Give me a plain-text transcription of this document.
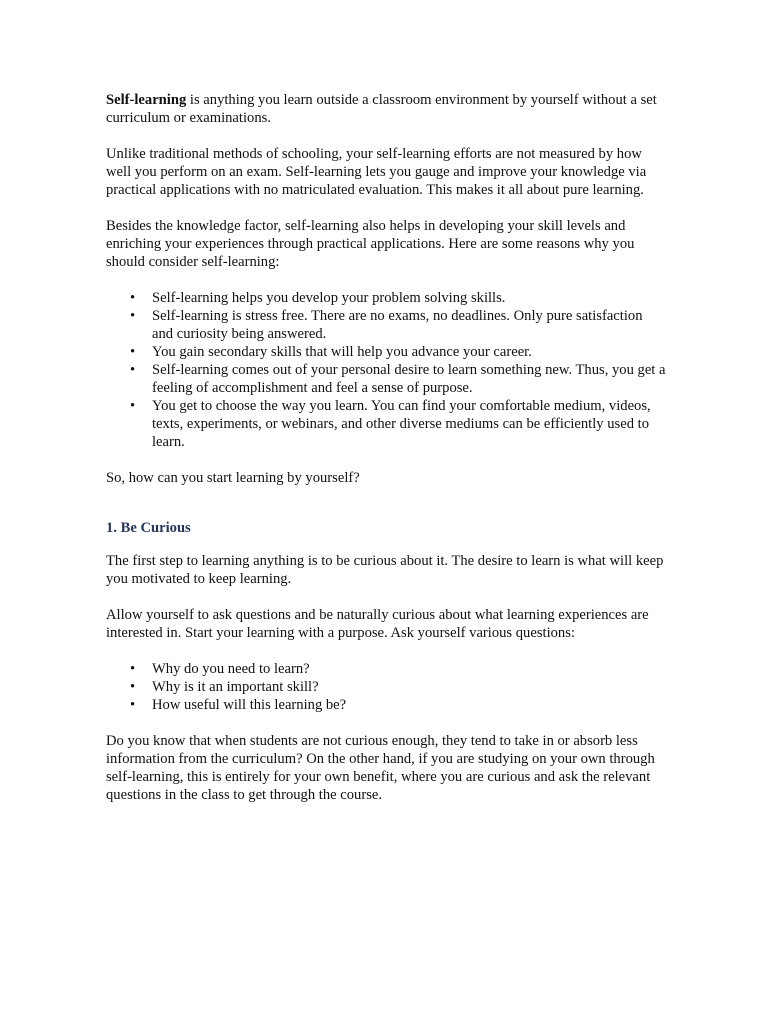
Self-learning is anything you learn outside a classroom environment by yourself without a set curriculum or examinations.

Unlike traditional methods of schooling, your self-learning efforts are not measured by how well you perform on an exam. Self-learning lets you gauge and improve your knowledge via practical applications with no matriculated evaluation. This makes it all about pure learning.

Besides the knowledge factor, self-learning also helps in developing your skill levels and enriching your experiences through practical applications. Here are some reasons why you should consider self-learning:

• Self-learning helps you develop your problem solving skills.
• Self-learning is stress free. There are no exams, no deadlines. Only pure satisfaction and curiosity being answered.
• You gain secondary skills that will help you advance your career.
• Self-learning comes out of your personal desire to learn something new. Thus, you get a feeling of accomplishment and feel a sense of purpose.
• You get to choose the way you learn. You can find your comfortable medium, videos, texts, experiments, or webinars, and other diverse mediums can be efficiently used to learn.

So, how can you start learning by yourself?

1. Be Curious

The first step to learning anything is to be curious about it. The desire to learn is what will keep you motivated to keep learning.

Allow yourself to ask questions and be naturally curious about what learning experiences are interested in. Start your learning with a purpose. Ask yourself various questions:

• Why do you need to learn?
• Why is it an important skill?
• How useful will this learning be?

Do you know that when students are not curious enough, they tend to take in or absorb less information from the curriculum? On the other hand, if you are studying on your own through self-learning, this is entirely for your own benefit, where you are curious and ask the relevant questions in the class to get through the course.
